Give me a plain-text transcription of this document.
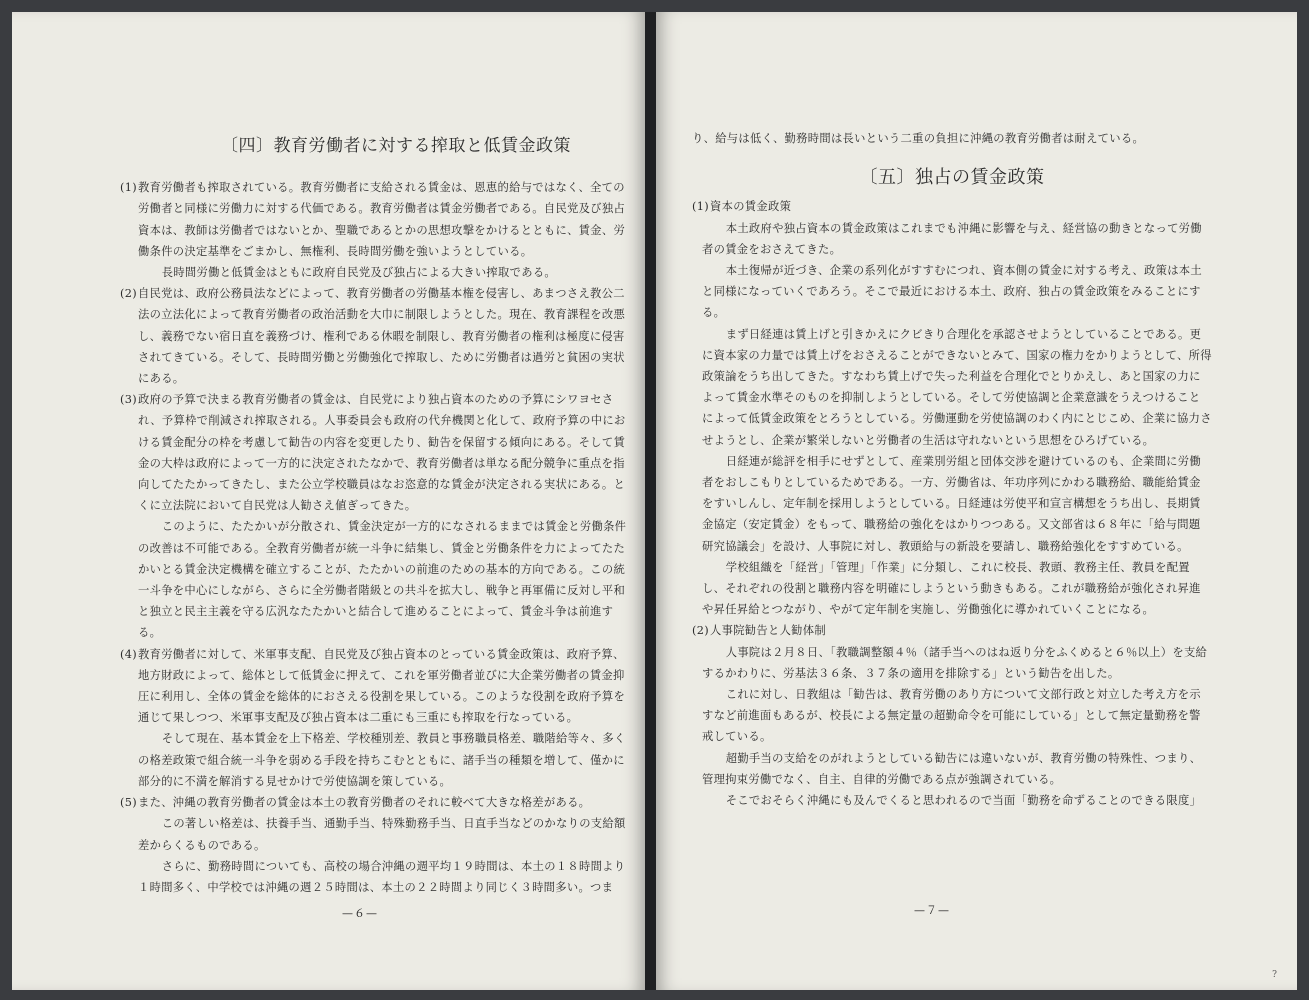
〔四〕教育労働者に対する搾取と低賃金政策
(1) 教育労働者も搾取されている。教育労働者に支給される賃金は、恩恵的給与ではなく、全ての労働者と同様に労働力に対する代価である。教育労働者は賃金労働者である。自民党及び独占資本は、教師は労働者ではないとか、聖職であるとかの思想攻撃をかけるとともに、賃金、労働条件の決定基準をごまかし、無権利、長時間労働を強いようとしている。

長時間労働と低賃金はともに政府自民党及び独占による大きい搾取である。

(2) 自民党は、政府公務員法などによって、教育労働者の労働基本権を侵害し、あまつさえ教公二法の立法化によって教育労働者の政治活動を大巾に制限しようとした。現在、教育課程を改悪し、義務でない宿日直を義務づけ、権利である休暇を制限し、教育労働者の権利は極度に侵害されてきている。そして、長時間労働と労働強化で搾取し、ために労働者は過労と貧困の実状にある。
(3) 政府の予算で決まる教育労働者の賃金は、自民党により独占資本のための予算にシワヨセされ、予算枠で削減され搾取される。人事委員会も政府の代弁機関と化して、政府予算の中における賃金配分の枠を考慮して勧告の内容を変更したり、勧告を保留する傾向にある。そして賃金の大枠は政府によって一方的に決定されたなかで、教育労働者は単なる配分競争に重点を指向してたたかってきたし、また公立学校職員はなお恣意的な賃金が決定される実状にある。とくに立法院において自民党は人勧さえ値ぎってきた。

このように、たたかいが分散され、賃金決定が一方的になされるままでは賃金と労働条件の改善は不可能である。全教育労働者が統一斗争に結集し、賃金と労働条件を力によってたたかいとる賃金決定機構を確立することが、たたかいの前進のための基本的方向である。この統一斗争を中心にしながら、さらに全労働者階級との共斗を拡大し、戦争と再軍備に反対し平和と独立と民主主義を守る広汎なたたかいと結合して進めることによって、賃金斗争は前進する。

(4) 教育労働者に対して、米軍事支配、自民党及び独占資本のとっている賃金政策は、政府予算、地方財政によって、総体として低賃金に押えて、これを軍労働者並びに大企業労働者の賃金抑圧に利用し、全体の賃金を総体的におさえる役割を果している。このような役割を政府予算を通じて果しつつ、米軍事支配及び独占資本は二重にも三重にも搾取を行なっている。

そして現在、基本賃金を上下格差、学校種別差、教員と事務職員格差、職階給等々、多くの格差政策で組合統一斗争を弱める手段を持ちこむとともに、諸手当の種類を増して、僅かに部分的に不満を解消する見せかけで労使協調を策している。

(5) また、沖縄の教育労働者の賃金は本土の教育労働者のそれに較べて大きな格差がある。

この著しい格差は、扶養手当、通勤手当、特殊勤務手当、日直手当などのかなりの支給額差からくるものである。

さらに、勤務時間についても、高校の場合沖縄の週平均１９時間は、本土の１８時間より１時間多く、中学校では沖縄の週２５時間は、本土の２２時間より同じく３時間多い。つま

—６—

り、給与は低く、勤務時間は長いという二重の負担に沖縄の教育労働者は耐えている。

〔五〕独占の賃金政策
(1) 資本の賃金政策

本土政府や独占資本の賃金政策はこれまでも沖縄に影響を与え、経営協の動きとなって労働者の賃金をおさえてきた。

本土復帰が近づき、企業の系列化がすすむにつれ、資本側の賃金に対する考え、政策は本土と同様になっていくであろう。そこで最近における本土、政府、独占の賃金政策をみることにする。

まず日経連は賃上げと引きかえにクビきり合理化を承認させようとしていることである。更に資本家の力量では賃上げをおさえることができないとみて、国家の権力をかりようとして、所得政策論をうち出してきた。すなわち賃上げで失った利益を合理化でとりかえし、あと国家の力によって賃金水準そのものを抑制しようとしている。そして労使協調と企業意識をうえつけることによって低賃金政策をとろうとしている。労働運動を労使協調のわく内にとじこめ、企業に協力させようとし、企業が繁栄しないと労働者の生活は守れないという思想をひろげている。

日経連が総評を相手にせずとして、産業別労組と団体交渉を避けているのも、企業間に労働者をおしこもりとしているためである。一方、労働省は、年功序列にかわる職務給、職能給賃金をすいしんし、定年制を採用しようとしている。日経連は労使平和宣言構想をうち出し、長期賃金協定（安定賃金）をもって、職務給の強化をはかりつつある。又文部省は６８年に「給与問題研究協議会」を設け、人事院に対し、教頭給与の新設を要請し、職務給強化をすすめている。

学校組織を「経営」「管理」「作業」に分類し、これに校長、教頭、教務主任、教員を配置し、それぞれの役割と職務内容を明確にしようという動きもある。これが職務給が強化され昇進や昇任昇給とつながり、やがて定年制を実施し、労働強化に導かれていくことになる。

(2) 人事院勧告と人勧体制

人事院は２月８日、「教職調整額４％（諸手当へのはね返り分をふくめると６％以上）を支給するかわりに、労基法３６条、３７条の適用を排除する」という勧告を出した。

これに対し、日教組は「勧告は、教育労働のあり方について文部行政と対立した考え方を示すなど前進面もあるが、校長による無定量の超勤命令を可能にしている」として無定量勤務を警戒している。

超勤手当の支給をのがれようとしている勧告には違いないが、教育労働の特殊性、つまり、管理拘束労働でなく、自主、自律的労働である点が強調されている。

そこでおそらく沖縄にも及んでくると思われるので当面「勤務を命ずることのできる限度」

—７—
?
